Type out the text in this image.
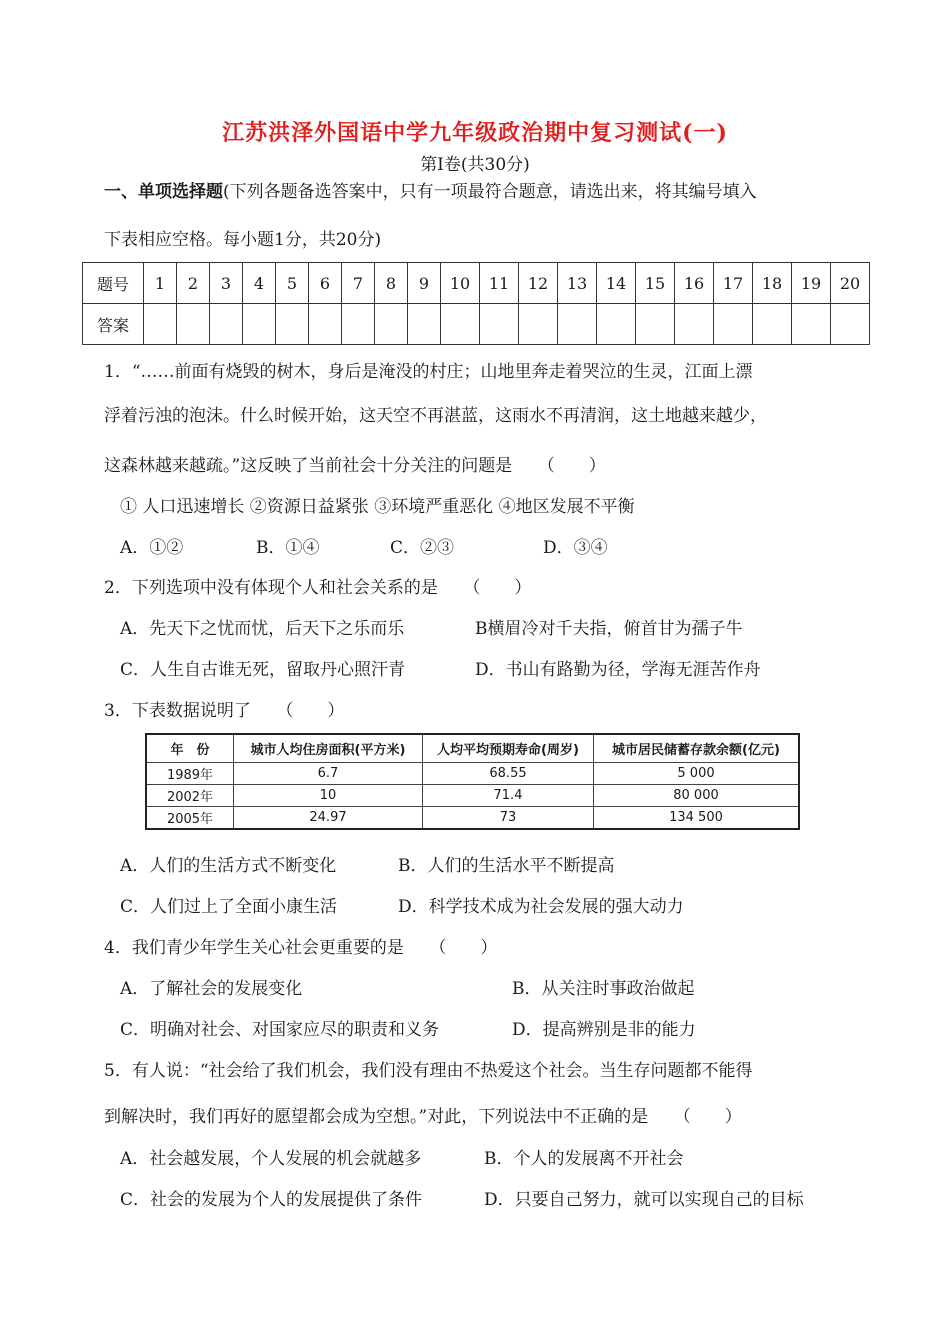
江苏洪泽外国语中学九年级政治期中复习测试(一)
第Ⅰ卷(共30分)
一、单项选择题(下列各题备选答案中，只有一项最符合题意，请选出来，将其编号填入
下表相应空格。每小题1分，共20分)
题号	1	2	3	4	5	6	7	8	9	10	11	12	13	14	15	16	17	18	19	20
答案																				
1．“……前面有烧毁的树木，身后是淹没的村庄；山地里奔走着哭泣的生灵，江面上漂
浮着污浊的泡沫。什么时候开始，这天空不再湛蓝，这雨水不再清润，这土地越来越少，
这森林越来越疏。”这反映了当前社会十分关注的问题是　　（　　）
① 人口迅速增长 ②资源日益紧张 ③环境严重恶化 ④地区发展不平衡
A．①②	B．①④	C．②③	D．③④
2．下列选项中没有体现个人和社会关系的是　　（　　）
A．先天下之忧而忧，后天下之乐而乐	B横眉冷对千夫指，俯首甘为孺子牛
C．人生自古谁无死，留取丹心照汗青	D．书山有路勤为径，学海无涯苦作舟
3．下表数据说明了　　（　　）
年　份	城市人均住房面积(平方米)	人均平均预期寿命(周岁)	城市居民储蓄存款余额(亿元)
1989年	6.7	68.55	5 000
2002年	10	71.4	80 000
2005年	24.97	73	134 500
A．人们的生活方式不断变化	B．人们的生活水平不断提高
C．人们过上了全面小康生活	D．科学技术成为社会发展的强大动力
4．我们青少年学生关心社会更重要的是　　（　　）
A．了解社会的发展变化	B．从关注时事政治做起
C．明确对社会、对国家应尽的职责和义务	D．提高辨别是非的能力
5．有人说：“社会给了我们机会，我们没有理由不热爱这个社会。当生存问题都不能得
到解决时，我们再好的愿望都会成为空想。”对此，下列说法中不正确的是　　（　　）
A．社会越发展，个人发展的机会就越多	B．个人的发展离不开社会
C．社会的发展为个人的发展提供了条件	D．只要自己努力，就可以实现自己的目标
